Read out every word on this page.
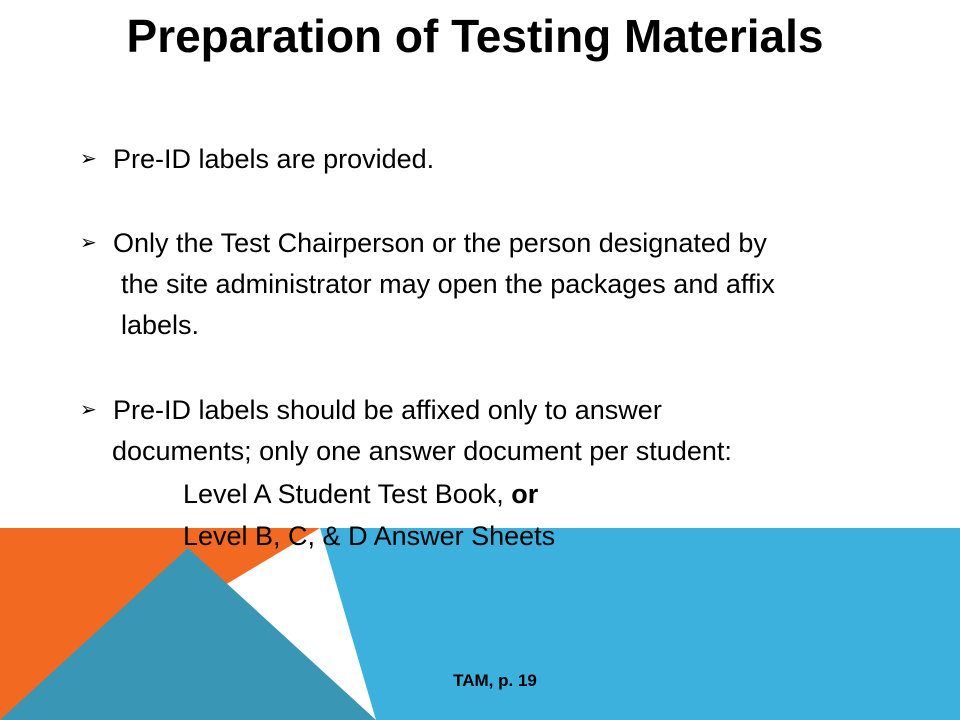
Preparation of Testing Materials
➢ Pre-ID labels are provided.
➢ Only the Test Chairperson or the person designated by
the site administrator may open the packages and affix
labels.
➢ Pre-ID labels should be affixed only to answer
documents; only one answer document per student:
Level A Student Test Book, or
Level B, C, & D Answer Sheets
TAM, p. 19
